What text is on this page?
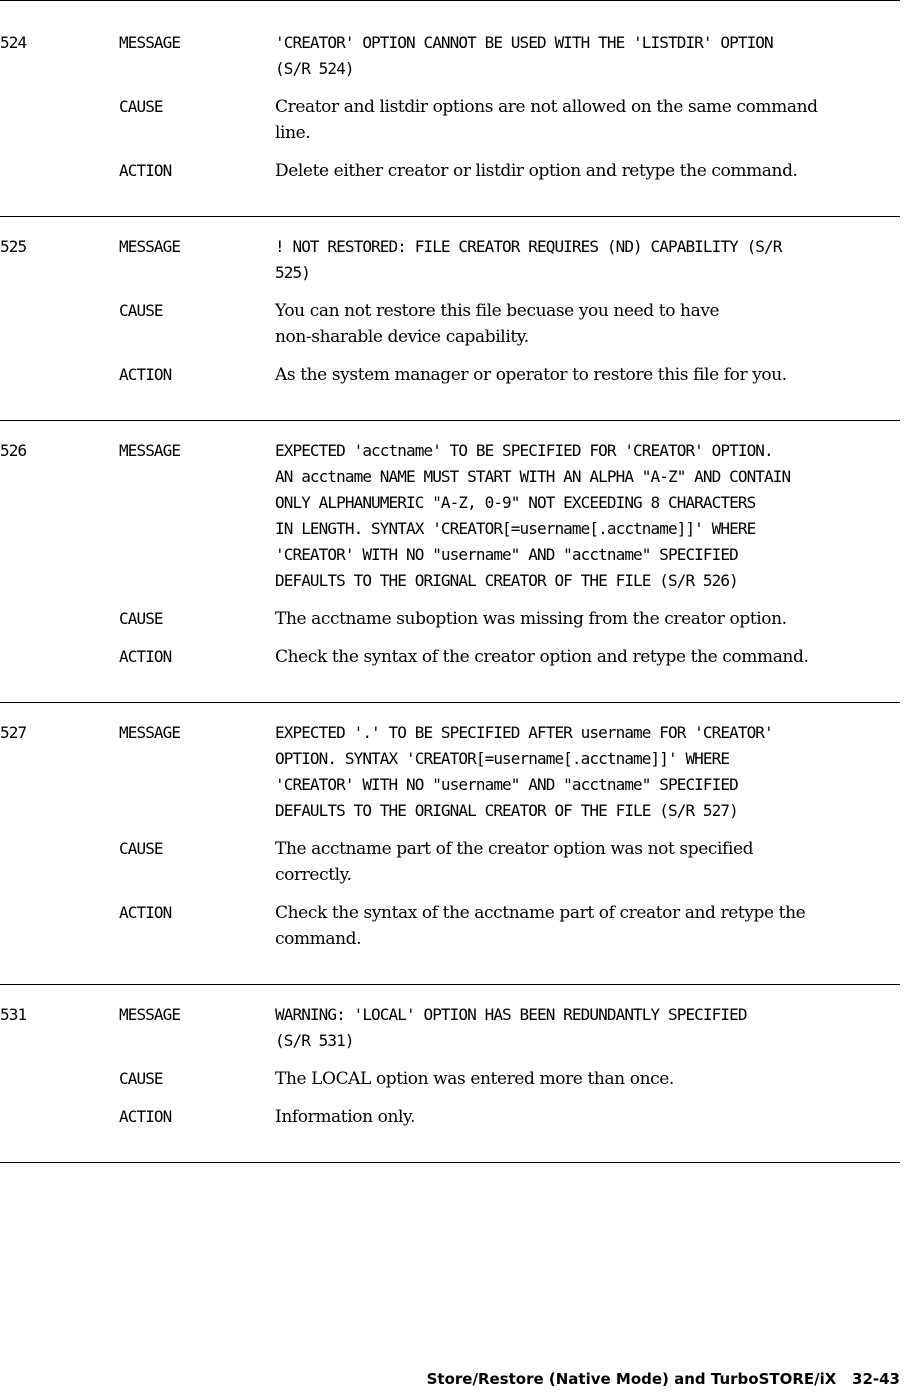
524	MESSAGE	'CREATOR' OPTION CANNOT BE USED WITH THE 'LISTDIR' OPTION
(S/R 524)
CAUSE	Creator and listdir options are not allowed on the same command
line.
ACTION	Delete either creator or listdir option and retype the command.
525	MESSAGE	! NOT RESTORED: FILE CREATOR REQUIRES (ND) CAPABILITY (S/R
525)
CAUSE	You can not restore this file becuase you need to have
non-sharable device capability.
ACTION	As the system manager or operator to restore this file for you.
526	MESSAGE	EXPECTED 'acctname' TO BE SPECIFIED FOR 'CREATOR' OPTION.
AN acctname NAME MUST START WITH AN ALPHA "A-Z" AND CONTAIN
ONLY ALPHANUMERIC "A-Z, 0-9" NOT EXCEEDING 8 CHARACTERS
IN LENGTH. SYNTAX 'CREATOR[=username[.acctname]]' WHERE
'CREATOR' WITH NO "username" AND "acctname" SPECIFIED
DEFAULTS TO THE ORIGNAL CREATOR OF THE FILE (S/R 526)
CAUSE	The acctname suboption was missing from the creator option.
ACTION	Check the syntax of the creator option and retype the command.
527	MESSAGE	EXPECTED '.' TO BE SPECIFIED AFTER username FOR 'CREATOR'
OPTION. SYNTAX 'CREATOR[=username[.acctname]]' WHERE
'CREATOR' WITH NO "username" AND "acctname" SPECIFIED
DEFAULTS TO THE ORIGNAL CREATOR OF THE FILE (S/R 527)
CAUSE	The acctname part of the creator option was not specified
correctly.
ACTION	Check the syntax of the acctname part of creator and retype the
command.
531	MESSAGE	WARNING: 'LOCAL' OPTION HAS BEEN REDUNDANTLY SPECIFIED
(S/R 531)
CAUSE	The LOCAL option was entered more than once.
ACTION	Information only.
Store/Restore (Native Mode) and TurboSTORE/iX 32-43
